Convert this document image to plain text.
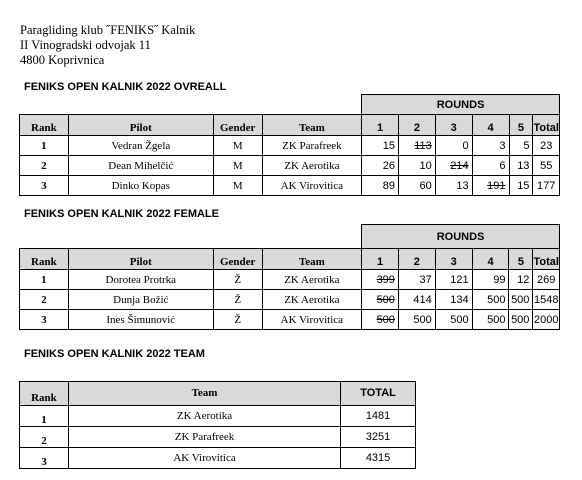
Paragliding klub ˝FENIKS˝ Kalnik
II Vinogradski odvojak 11
4800 Koprivnica
FENIKS OPEN KALNIK 2022 OVREALL
				ROUNDS					
Rank	Pilot	Gender	Team	1	2	3	4	5	Total
1	Vedran Žgela	M	ZK Parafreek	15	113	0	3	5	23
2	Dean Mihelčić	M	ZK Aerotika	26	10	214	6	13	55
3	Dinko Kopas	M	AK Virovitica	89	60	13	191	15	177
FENIKS OPEN KALNIK 2022 FEMALE
				ROUNDS					
Rank	Pilot	Gender	Team	1	2	3	4	5	Total
1	Dorotea Protrka	Ž	ZK Aerotika	399	37	121	99	12	269
2	Dunja Božić	Ž	ZK Aerotika	500	414	134	500	500	1548
3	Ines Šimunović	Ž	AK Virovitica	500	500	500	500	500	2000
FENIKS OPEN KALNIK 2022 TEAM
Rank	Team	TOTAL
1	ZK Aerotika	1481
2	ZK Parafreek	3251
3	AK Virovitica	4315
